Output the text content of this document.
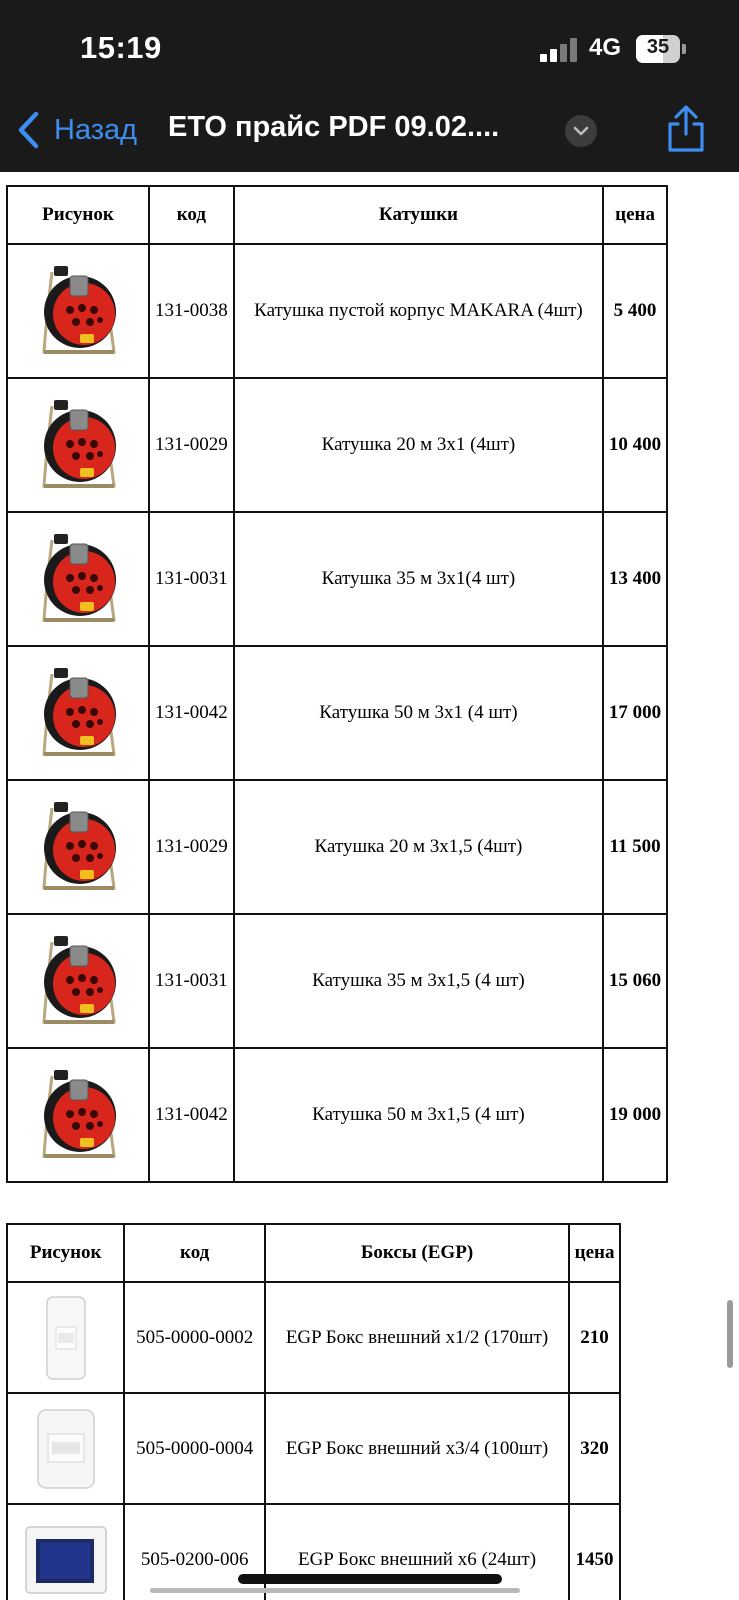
15:19	4G	35
Назад ЕТО прайс PDF 09.02....
Рисунок	код	Катушки	цена

	131-0038	Катушка пустой корпус MAKARA (4шт)	5 400

	131-0029	Катушка 20 м 3х1 (4шт)	10 400

	131-0031	Катушка 35 м 3х1(4 шт)	13 400

	131-0042	Катушка 50 м 3х1 (4 шт)	17 000

	131-0029	Катушка 20 м 3х1,5 (4шт)	11 500

	131-0031	Катушка 35 м 3х1,5 (4 шт)	15 060

	131-0042	Катушка 50 м 3х1,5 (4 шт)	19 000
Рисунок	код	Боксы (EGP)	цена

	505-0000-0002	EGP Бокс внешний х1/2 (170шт)	210

	505-0000-0004	EGP Бокс внешний х3/4 (100шт)	320

	505-0200-006	EGP Бокс внешний х6 (24шт)	1450
